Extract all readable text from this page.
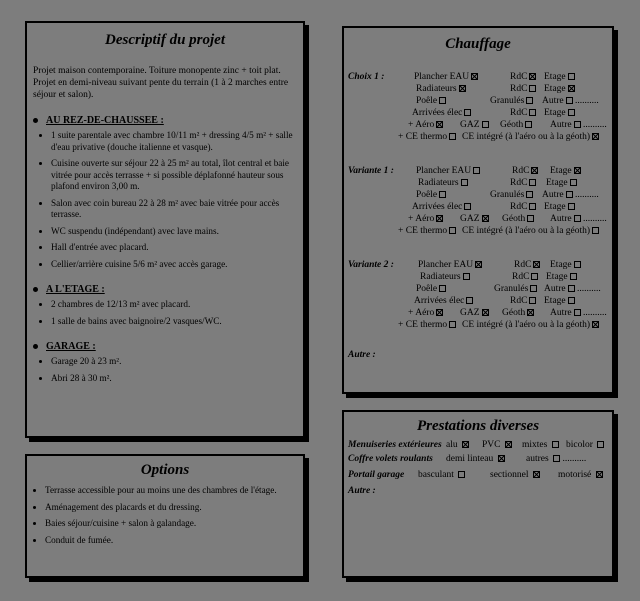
Descriptif du projet
Projet maison contemporaine. Toiture monopente zinc + toit plat. Projet en demi-niveau suivant pente du terrain (1 à 2 marches entre séjour et salon).
AU REZ-DE-CHAUSSEE :
• 1 suite parentale avec chambre 10/11 m² + dressing 4/5 m² + salle d'eau privative (douche italienne et vasque).
• Cuisine ouverte sur séjour 22 à 25 m² au total, îlot central et baie vitrée pour accès terrasse + si possible déplafonné hauteur sous plafond environ 3,00 m.
• Salon avec coin bureau 22 à 28 m² avec baie vitrée pour accès terrasse.
• WC suspendu (indépendant) avec lave mains.
• Hall d'entrée avec placard.
• Cellier/arrière cuisine 5/6 m² avec accès garage.
A L'ETAGE :
• 2 chambres de 12/13 m² avec placard.
• 1 salle de bains avec baignoire/2 vasques/WC.
GARAGE :
• Garage 20 à 23 m².
• Abri 28 à 30 m².
Options
• Terrasse accessible pour au moins une des chambres de l'étage.
• Aménagement des placards et du dressing.
• Baies séjour/cuisine + salon à galandage.
• Conduit de fumée.
Chauffage
Choix 1 :	Plancher EAU	RdC	Etage
Radiateurs	RdC	Etage
Poêle	Granulés	Autre ..........
Arrivées élec	RdC	Etage
+ Aéro	GAZ	Géoth	Autre ..........
+ CE thermo	CE intégré (à l'aéro ou à la géoth)
Variante 1 : Plancher EAU	RdC	Etage
Radiateurs	RdC	Etage
Poêle	Granulés	Autre ..........
Arrivées élec	RdC	Etage
+ Aéro	GAZ	Géoth	Autre ..........
+ CE thermo	CE intégré (à l'aéro ou à la géoth)
Variante 2 :	Plancher EAU	RdC	Etage
Radiateurs	RdC	Etage
Poêle	Granulés	Autre ..........
Arrivées élec	RdC	Etage
+ Aéro	GAZ	Géoth	Autre ..........
+ CE thermo	CE intégré (à l'aéro ou à la géoth)
Autre :
Prestations diverses
Menuiseries extérieures alu	PVC	mixtes	bicolor
Coffre volets roulants demi linteau	autres ..........
Portail garage basculant	sectionnel	motorisé
Autre :
